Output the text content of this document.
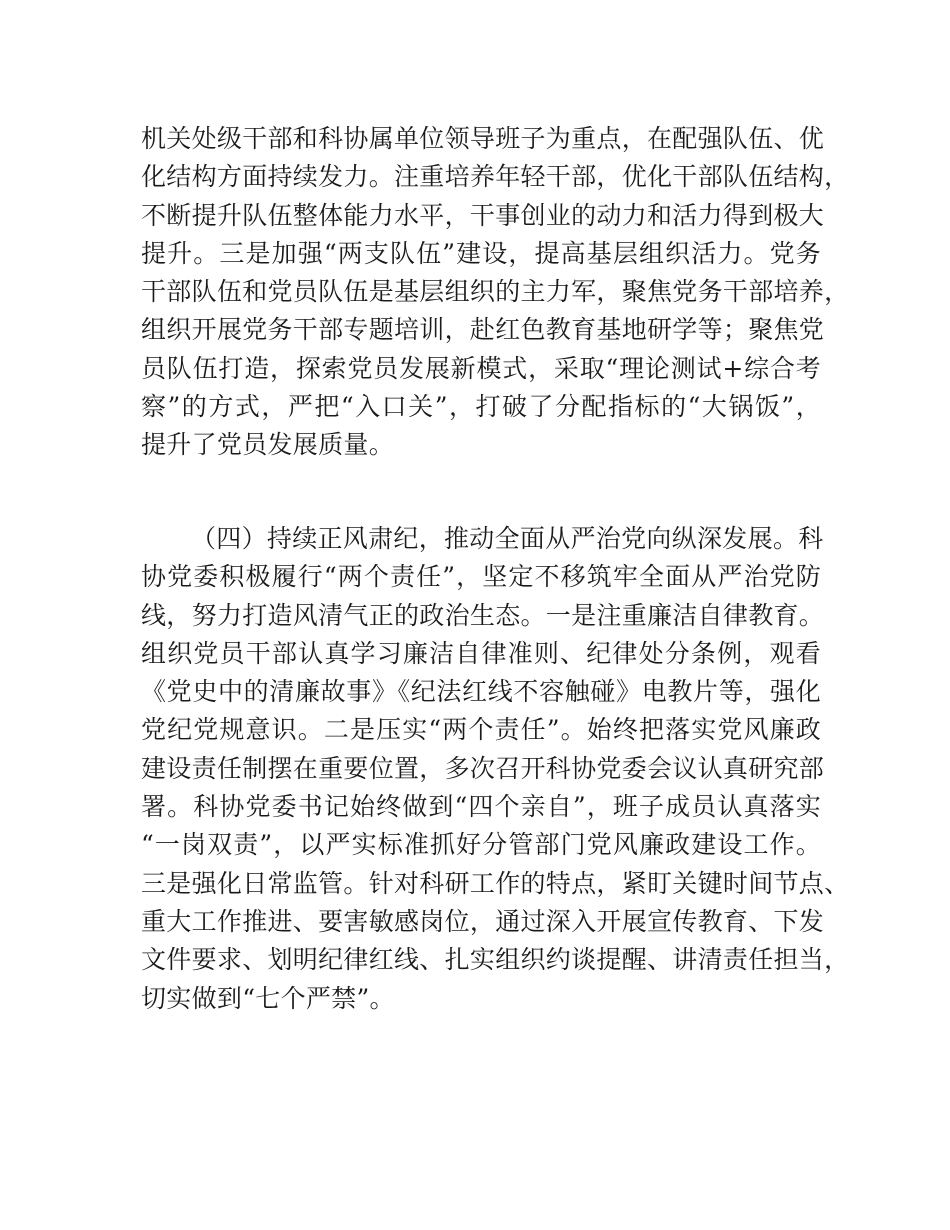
机关处级干部和科协属单位领导班子为重点，在配强队伍、优
化结构方面持续发力。注重培养年轻干部，优化干部队伍结构，
不断提升队伍整体能力水平，干事创业的动力和活力得到极大
提升。三是加强“两支队伍”建设，提高基层组织活力。党务
干部队伍和党员队伍是基层组织的主力军，聚焦党务干部培养，
组织开展党务干部专题培训，赴红色教育基地研学等；聚焦党
员队伍打造，探索党员发展新模式，采取“理论测试+综合考
察”的方式，严把“入口关”，打破了分配指标的“大锅饭”，
提升了党员发展质量。
（四）持续正风肃纪，推动全面从严治党向纵深发展。科
协党委积极履行“两个责任”，坚定不移筑牢全面从严治党防
线，努力打造风清气正的政治生态。一是注重廉洁自律教育。
组织党员干部认真学习廉洁自律准则、纪律处分条例，观看
《党史中的清廉故事》《纪法红线不容触碰》电教片等，强化
党纪党规意识。二是压实“两个责任”。始终把落实党风廉政
建设责任制摆在重要位置，多次召开科协党委会议认真研究部
署。科协党委书记始终做到“四个亲自”，班子成员认真落实
“一岗双责”，以严实标准抓好分管部门党风廉政建设工作。
三是强化日常监管。针对科研工作的特点，紧盯关键时间节点、
重大工作推进、要害敏感岗位，通过深入开展宣传教育、下发
文件要求、划明纪律红线、扎实组织约谈提醒、讲清责任担当，
切实做到“七个严禁”。
